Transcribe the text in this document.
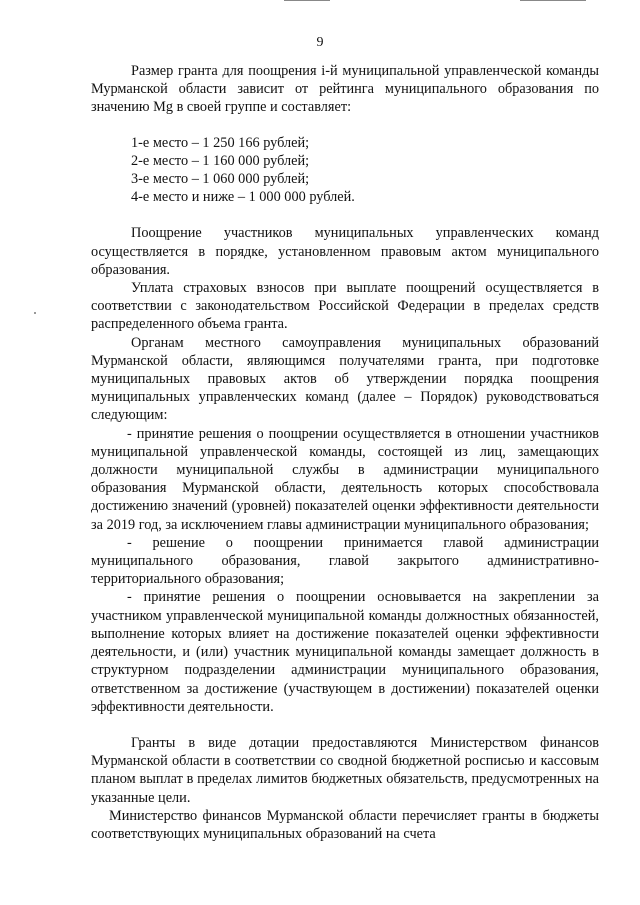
9

Размер гранта для поощрения i-й муниципальной управленческой команды Мурманской области зависит от рейтинга муниципального образования по значению Mg в своей группе и составляет:

1-е место – 1 250 166 рублей;
2-е место – 1 160 000 рублей;
3-е место – 1 060 000 рублей;
4-е место и ниже – 1 000 000 рублей.

Поощрение участников муниципальных управленческих команд осуществляется в порядке, установленном правовым актом муниципального образования.

Уплата страховых взносов при выплате поощрений осуществляется в соответствии с законодательством Российской Федерации в пределах средств распределенного объема гранта.

Органам местного самоуправления муниципальных образований Мурманской области, являющимся получателями гранта, при подготовке муниципальных правовых актов об утверждении порядка поощрения муниципальных управленческих команд (далее – Порядок) руководствоваться следующим:

- принятие решения о поощрении осуществляется в отношении участников муниципальной управленческой команды, состоящей из лиц, замещающих должности муниципальной службы в администрации муниципального образования Мурманской области, деятельность которых способствовала достижению значений (уровней) показателей оценки эффективности деятельности за 2019 год, за исключением главы администрации муниципального образования;

- решение о поощрении принимается главой администрации муниципального образования, главой закрытого административно-территориального образования;

- принятие решения о поощрении основывается на закреплении за участником управленческой муниципальной команды должностных обязанностей, выполнение которых влияет на достижение показателей оценки эффективности деятельности, и (или) участник муниципальной команды замещает должность в структурном подразделении администрации муниципального образования, ответственном за достижение (участвующем в достижении) показателей оценки эффективности деятельности.

Гранты в виде дотации предоставляются Министерством финансов Мурманской области в соответствии со сводной бюджетной росписью и кассовым планом выплат в пределах лимитов бюджетных обязательств, предусмотренных на указанные цели.

Министерство финансов Мурманской области перечисляет гранты в бюджеты соответствующих муниципальных образований на счета
